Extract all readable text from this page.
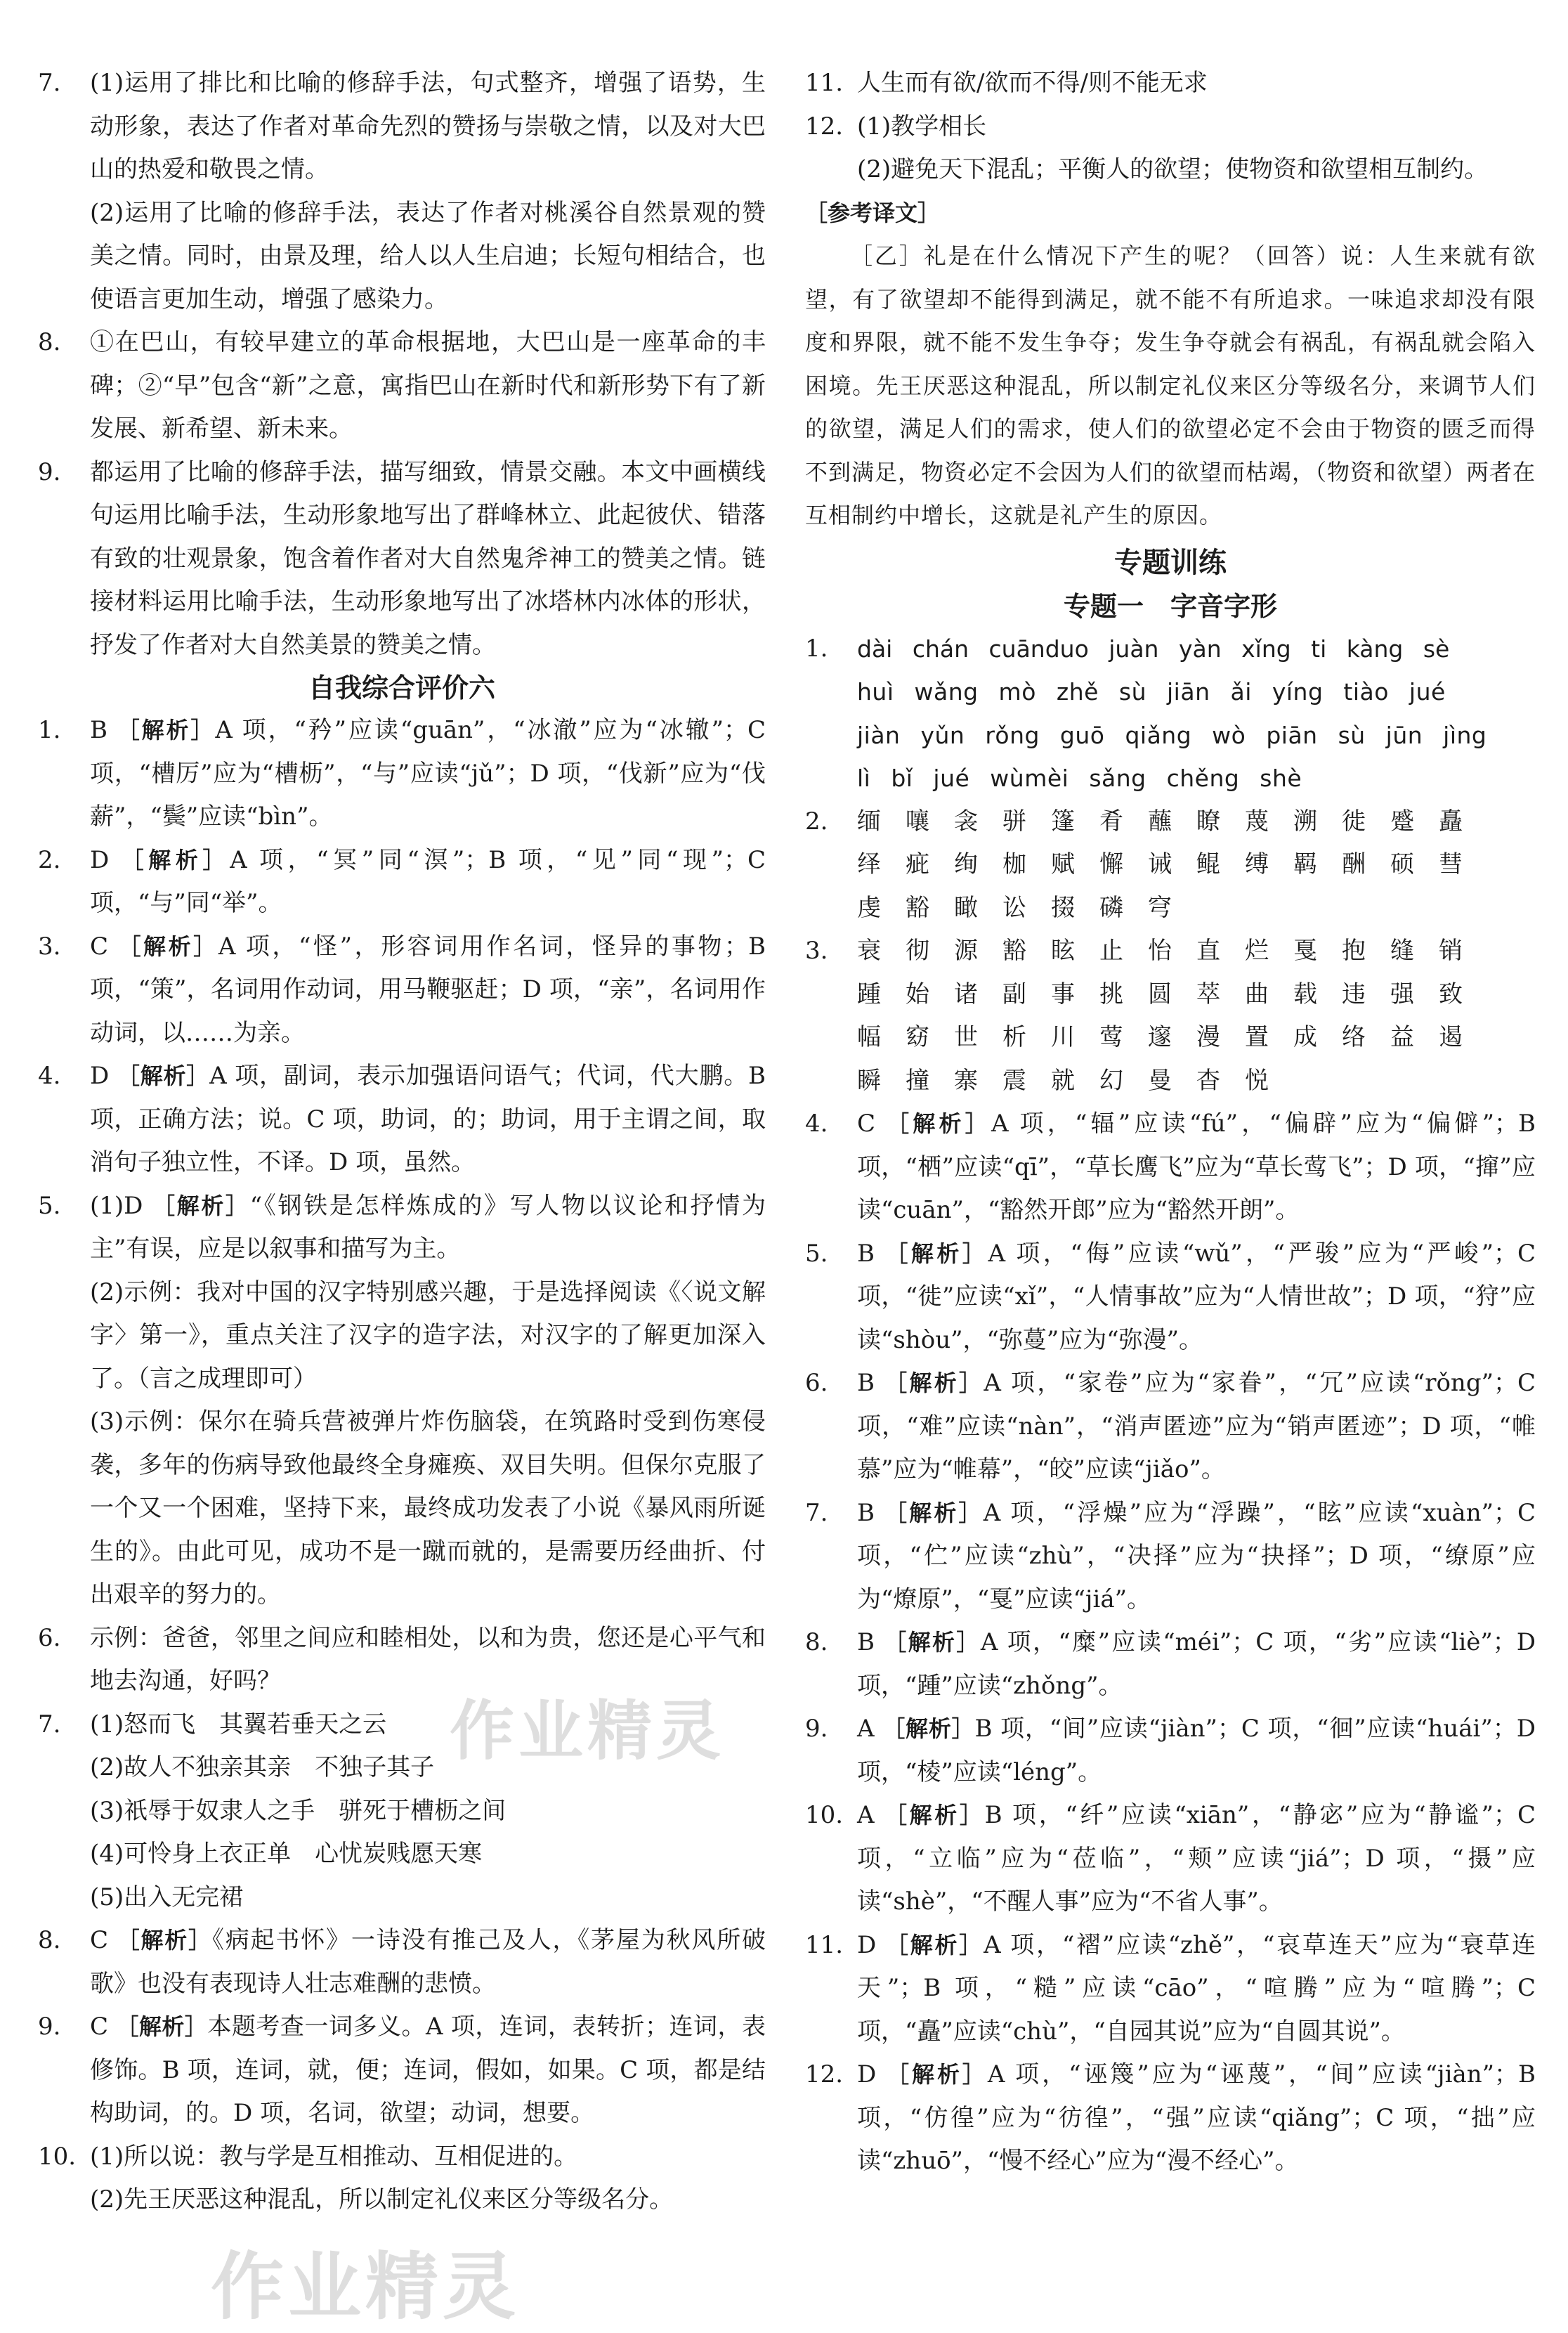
7.	(1)运用了排比和比喻的修辞手法，句式整齐，增强了语势，生动形象，表达了作者对革命先烈的赞扬与崇敬之情，以及对大巴山的热爱和敬畏之情。
(2)运用了比喻的修辞手法，表达了作者对桃溪谷自然景观的赞美之情。同时，由景及理，给人以人生启迪；长短句相结合，也使语言更加生动，增强了感染力。
8.	①在巴山，有较早建立的革命根据地，大巴山是一座革命的丰碑；②“早”包含“新”之意，寓指巴山在新时代和新形势下有了新发展、新希望、新未来。
9.	都运用了比喻的修辞手法，描写细致，情景交融。本文中画横线句运用比喻手法，生动形象地写出了群峰林立、此起彼伏、错落有致的壮观景象，饱含着作者对大自然鬼斧神工的赞美之情。链接材料运用比喻手法，生动形象地写出了冰塔林内冰体的形状，抒发了作者对大自然美景的赞美之情。
自我综合评价六
1.	B ［解析］A 项，“矜”应读“guān”，“冰澈”应为“冰辙”；C 项，“槽厉”应为“槽枥”，“与”应读“jǔ”；D 项，“伐新”应为“伐薪”，“鬓”应读“bìn”。
2.	D ［解析］A 项，“冥”同“溟”；B 项，“见”同“现”；C 项，“与”同“举”。
3.	C ［解析］A 项，“怪”，形容词用作名词，怪异的事物；B 项，“策”，名词用作动词，用马鞭驱赶；D 项，“亲”，名词用作动词，以……为亲。
4.	D ［解析］A 项，副词，表示加强语问语气；代词，代大鹏。B 项，正确方法；说。C 项，助词，的；助词，用于主谓之间，取消句子独立性，不译。D 项，虽然。
5.	(1)D ［解析］“《钢铁是怎样炼成的》写人物以议论和抒情为主”有误，应是以叙事和描写为主。
(2)示例：我对中国的汉字特别感兴趣，于是选择阅读《〈说文解字〉第一》，重点关注了汉字的造字法，对汉字的了解更加深入了。（言之成理即可）
(3)示例：保尔在骑兵营被弹片炸伤脑袋，在筑路时受到伤寒侵袭，多年的伤病导致他最终全身瘫痪、双目失明。但保尔克服了一个又一个困难，坚持下来，最终成功发表了小说《暴风雨所诞生的》。由此可见，成功不是一蹴而就的，是需要历经曲折、付出艰辛的努力的。
6.	示例：爸爸，邻里之间应和睦相处，以和为贵，您还是心平气和地去沟通，好吗？
7.	(1)怒而飞　其翼若垂天之云
(2)故人不独亲其亲　不独子其子
(3)祇辱于奴隶人之手　骈死于槽枥之间
(4)可怜身上衣正单　心忧炭贱愿天寒
(5)出入无完裙
8.	C ［解析］《病起书怀》一诗没有推己及人，《茅屋为秋风所破歌》也没有表现诗人壮志难酬的悲愤。
9.	C ［解析］本题考查一词多义。A 项，连词，表转折；连词，表修饰。B 项，连词，就，便；连词，假如，如果。C 项，都是结构助词，的。D 项，名词，欲望；动词，想要。
10. (1)所以说：教与学是互相推动、互相促进的。
(2)先王厌恶这种混乱，所以制定礼仪来区分等级名分。
11. 人生而有欲/欲而不得/则不能无求
12. (1)教学相长
(2)避免天下混乱；平衡人的欲望；使物资和欲望相互制约。
［参考译文］
［乙］礼是在什么情况下产生的呢？（回答）说：人生来就有欲望，有了欲望却不能得到满足，就不能不有所追求。一味追求却没有限度和界限，就不能不发生争夺；发生争夺就会有祸乱，有祸乱就会陷入困境。先王厌恶这种混乱，所以制定礼仪来区分等级名分，来调节人们的欲望，满足人们的需求，使人们的欲望必定不会由于物资的匮乏而得不到满足，物资必定不会因为人们的欲望而枯竭，（物资和欲望）两者在互相制约中增长，这就是礼产生的原因。
专题训练
专题一　字音字形
1.	dài chán cuānduo juàn yàn xǐng ti kàng sè
huì wǎng mò zhě sù jiān ǎi yíng tiào jué
jiàn yǔn rǒng guō qiǎng wò piān sù jūn jìng
lì bǐ jué wùmèi sǎng chěng shè
2.	缅	嚷	衾	骈	篷	肴	蘸	瞭	蔑	溯	徙	蹙	矗
绎	疵	绚	枷	赋	懈	诫	鲲	缚	羁	酬	硕	彗
虔	豁	瞰	讼	掇	磷	穹
3.	衰	彻	源	豁	眩	止	怡	直	烂	戛	抱	缝	销
踵	始	诸	副	事	挑	圆	萃	曲	载	违	强	致
幅	窈	世	析	川	莺	邃	漫	置	成	络	益	遏
瞬	撞	寨	震	就	幻	曼	杳	悦
4.	C ［解析］A 项，“辐”应读“fú”，“偏辟”应为“偏僻”；B 项，“栖”应读“qī”，“草长鹰飞”应为“草长莺飞”；D 项，“撺”应读“cuān”，“豁然开郎”应为“豁然开朗”。
5.	B ［解析］A 项，“侮”应读“wǔ”，“严骏”应为“严峻”；C 项，“徙”应读“xǐ”，“人情事故”应为“人情世故”；D 项，“狩”应读“shòu”，“弥蔓”应为“弥漫”。
6.	B ［解析］A 项，“家卷”应为“家眷”，“冗”应读“rǒng”；C 项，“难”应读“nàn”，“消声匿迹”应为“销声匿迹”；D 项，“帷慕”应为“帷幕”，“皎”应读“jiǎo”。
7.	B ［解析］A 项，“浮燥”应为“浮躁”，“眩”应读“xuàn”；C 项，“伫”应读“zhù”，“决择”应为“抉择”；D 项，“缭原”应为“燎原”，“戛”应读“jiá”。
8.	B ［解析］A 项，“糜”应读“méi”；C 项，“劣”应读“liè”；D 项，“踵”应读“zhǒng”。
9.	A ［解析］B 项，“间”应读“jiàn”；C 项，“徊”应读“huái”；D 项，“棱”应读“léng”。
10. A ［解析］B 项，“纤”应读“xiān”，“静宓”应为“静谧”；C 项，“立临”应为“莅临”，“颊”应读“jiá”；D 项，“摄”应读“shè”，“不醒人事”应为“不省人事”。
11. D ［解析］A 项，“褶”应读“zhě”，“哀草连天”应为“衰草连天”；B 项，“糙”应读“cāo”，“喧腾”应为“喧腾”；C 项，“矗”应读“chù”，“自园其说”应为“自圆其说”。
12. D ［解析］A 项，“诬篾”应为“诬蔑”，“间”应读“jiàn”；B 项，“仿徨”应为“彷徨”，“强”应读“qiǎng”；C 项，“拙”应读“zhuō”，“慢不经心”应为“漫不经心”。
作业精灵
作业精灵
